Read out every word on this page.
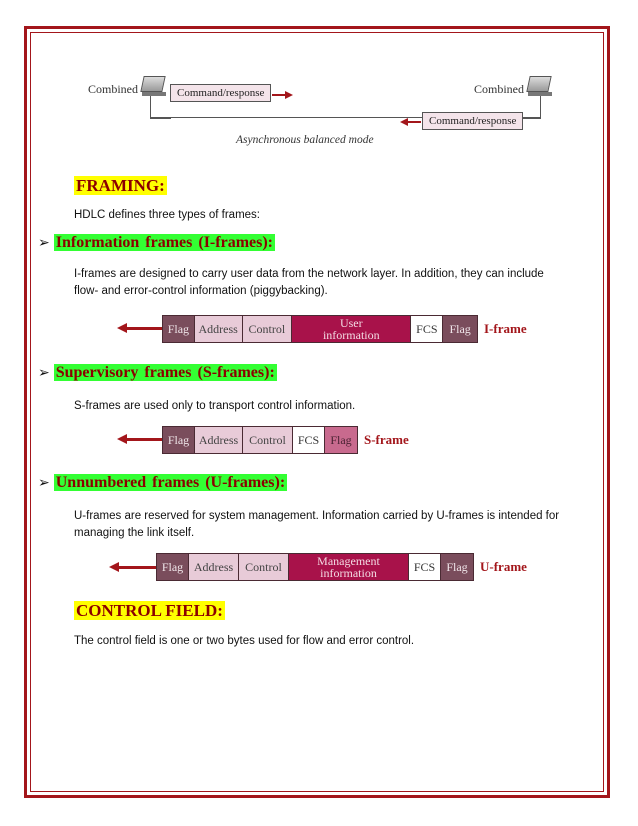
Combined	Combined
Command/response
Command/response
Asynchronous balanced mode
FRAMING:
HDLC defines three types of frames:
➢ Information frames (I-frames):
I-frames are designed to carry user data from the network layer. In addition, they can include
flow- and error-control information (piggybacking).
Flag Address Control	User
information	FCS Flag	I-frame
➢ Supervisory frames (S-frames):
S-frames are used only to transport control information.
Flag Address Control FCS Flag S-frame
➢ Unnumbered frames (U-frames):
U-frames are reserved for system management. Information carried by U-frames is intended for
managing the link itself.
Flag Address	Control	Management
information	FCS Flag U-frame
CONTROL FIELD:
The control field is one or two bytes used for flow and error control.
